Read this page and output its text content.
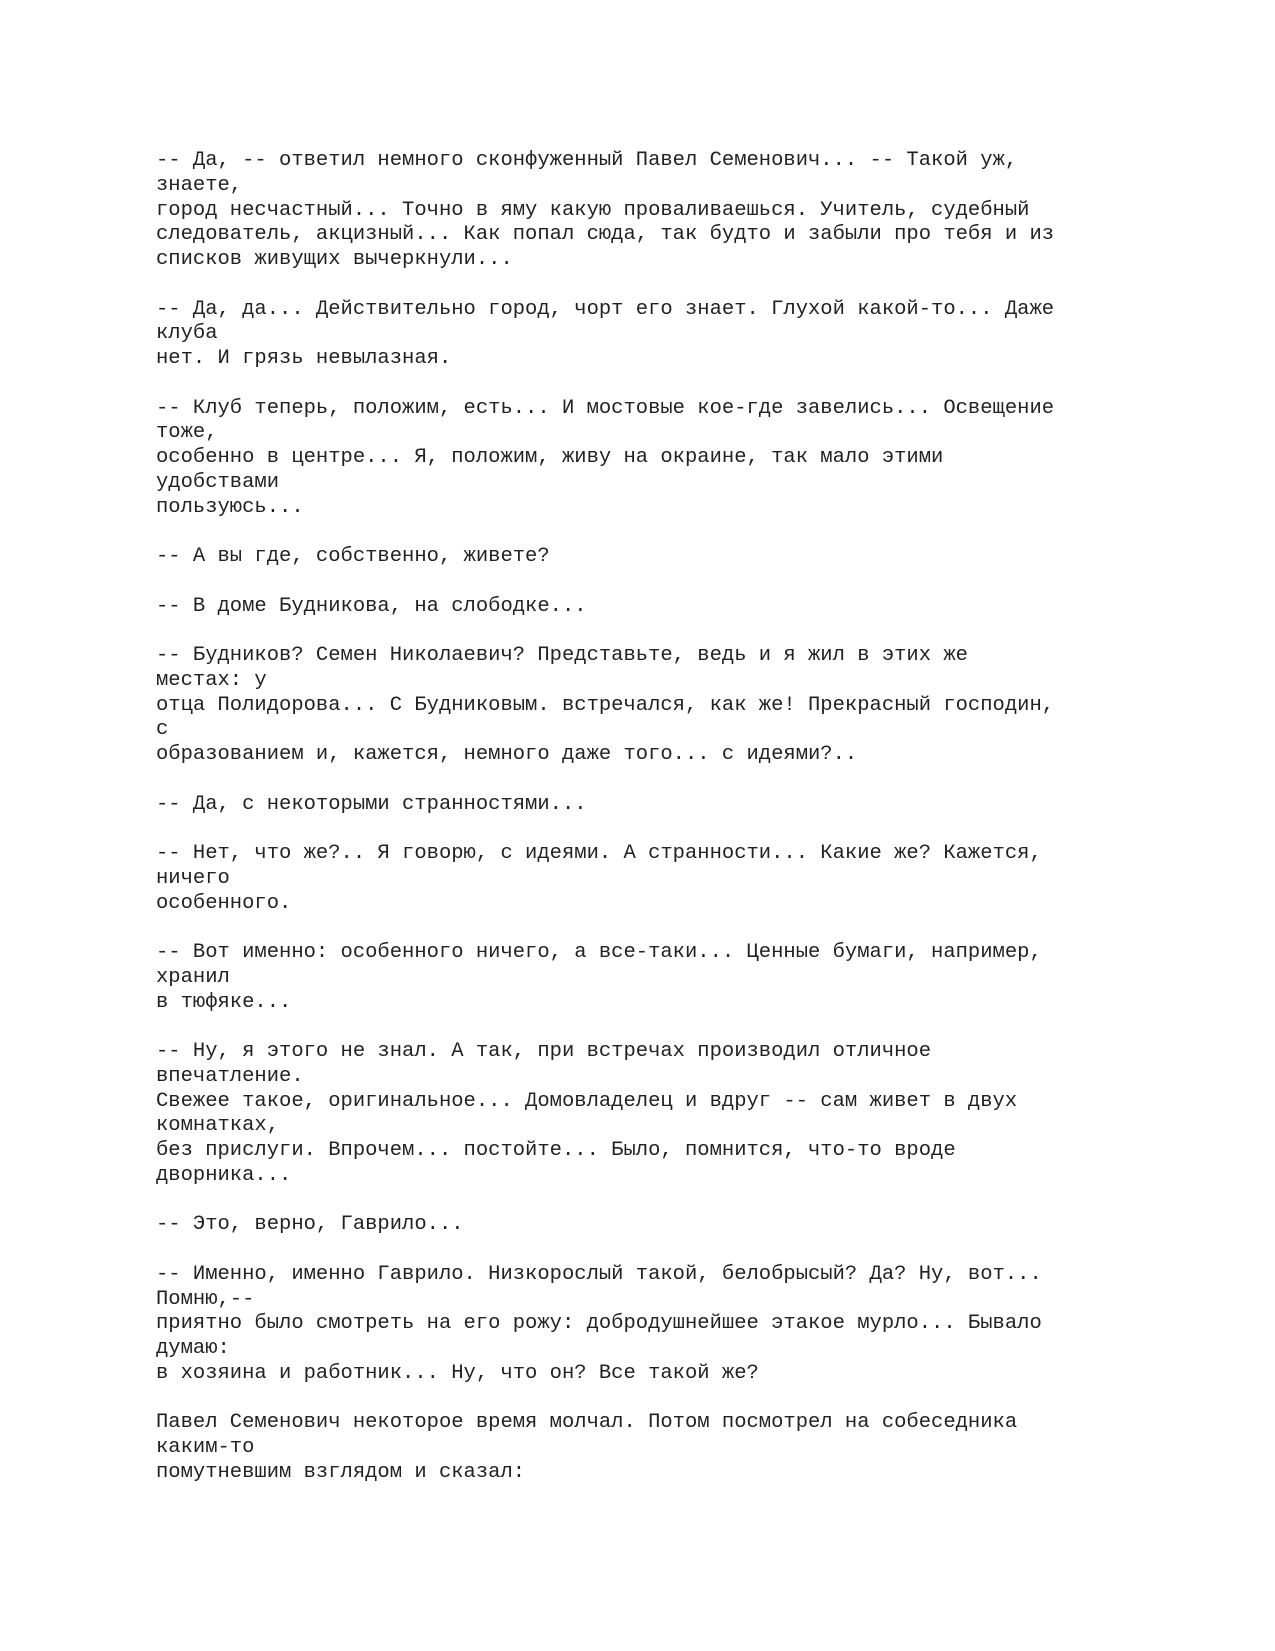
-- Да, -- ответил немного сконфуженный Павел Семенович... -- Такой уж,
знаете,
город несчастный... Точно в яму какую проваливаешься. Учитель, судебный
следователь, акцизный... Как попал сюда, так будто и забыли про тебя и из
списков живущих вычеркнули...
-- Да, да... Действительно город, чорт его знает. Глухой какой-то... Даже
клуба
нет. И грязь невылазная.
-- Клуб теперь, положим, есть... И мостовые кое-где завелись... Освещение
тоже,
особенно в центре... Я, положим, живу на окраине, так мало этими
удобствами
пользуюсь...
-- А вы где, собственно, живете?
-- В доме Будникова, на слободке...
-- Будников? Семен Николаевич? Представьте, ведь и я жил в этих же
местах: у
отца Полидорова... С Будниковым. встречался, как же! Прекрасный господин,
с
образованием и, кажется, немного даже того... с идеями?..
-- Да, с некоторыми странностями...
-- Нет, что же?.. Я говорю, с идеями. А странности... Какие же? Кажется,
ничего
особенного.
-- Вот именно: особенного ничего, а все-таки... Ценные бумаги, например,
хранил
в тюфяке...
-- Ну, я этого не знал. А так, при встречах производил отличное
впечатление.
Свежее такое, оригинальное... Домовладелец и вдруг -- сам живет в двух
комнатках,
без прислуги. Впрочем... постойте... Было, помнится, что-то вроде
дворника...
-- Это, верно, Гаврило...
-- Именно, именно Гаврило. Низкорослый такой, белобрысый? Да? Ну, вот...
Помню,--
приятно было смотреть на его рожу: добродушнейшее этакое мурло... Бывало
думаю:
в хозяина и работник... Ну, что он? Все такой же?
Павел Семенович некоторое время молчал. Потом посмотрел на собеседника
каким-то
помутневшим взглядом и сказал:
